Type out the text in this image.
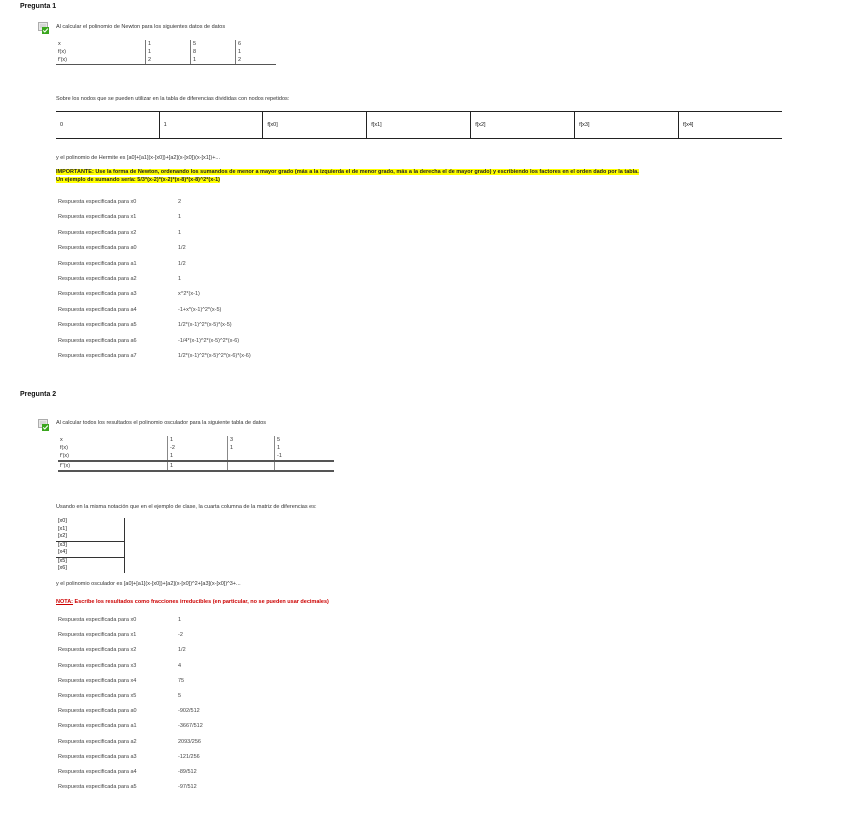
Pregunta 1
Al calcular el polinomio de Newton para los siguientes datos de datos
x	1	5	6
f(x)	1	8	1
f'(x)	2	1	2
Sobre los nodos que se pueden utilizar en la tabla de diferencias divididas con nodos repetidos:
0	1	f[x0]	f[x1]	f[x2]	f[x3]	f[x4]
y el polinomio de Hermite es [a0]+[a1](x-[x0])+[a2](x-[x0])(x-[x1])+...
IMPORTANTE: Use la forma de Newton, ordenando los sumandos de menor a mayor grado (más a la izquierda el de menor grado, más a la derecha el de mayor grado) y escribiendo los factores en el orden dado por la tabla.
Un ejemplo de sumando sería: 5/3*(x-2)*(x-2)*(x-8)*(x-8)^2*(x-1)
Respuesta especificada para x0	2
Respuesta especificada para x1	1
Respuesta especificada para x2	1
Respuesta especificada para a0	1/2
Respuesta especificada para a1	1/2
Respuesta especificada para a2	1
Respuesta especificada para a3	x^2*(x-1)
Respuesta especificada para a4	-1+x*(x-1)^2*(x-5)
Respuesta especificada para a5	1/2*(x-1)^2*(x-5)*(x-5)
Respuesta especificada para a6	-1/4*(x-1)^2*(x-5)^2*(x-6)
Respuesta especificada para a7	1/2*(x-1)^2*(x-5)^2*(x-6)*(x-6)
Pregunta 2
Al calcular todos los resultados el polinomio osculador para la siguiente tabla de datos
x	1	3	5
f(x)	-2	1	1
f'(x)	1		-1
f''(x)	1		
Usando en la misma notación que en el ejemplo de clase, la cuarta columna de la matriz de diferencias es:
[x0]
[x1]
[x2]
[x3]
[x4]
[x5]
[x6]
y el polinomio osculador es [a0]+[a1](x-[x0])+[a2](x-[x0])^2+[a3](x-[x0])^3+...
NOTA: Escribe los resultados como fracciones irreducibles (en particular, no se pueden usar decimales)
Respuesta especificada para x0	1
Respuesta especificada para x1	-2
Respuesta especificada para x2	1/2
Respuesta especificada para x3	4
Respuesta especificada para x4	75
Respuesta especificada para x5	5
Respuesta especificada para a0	-902/512
Respuesta especificada para a1	-3667/512
Respuesta especificada para a2	2093/256
Respuesta especificada para a3	-121/256
Respuesta especificada para a4	-89/512
Respuesta especificada para a5	-97/512
